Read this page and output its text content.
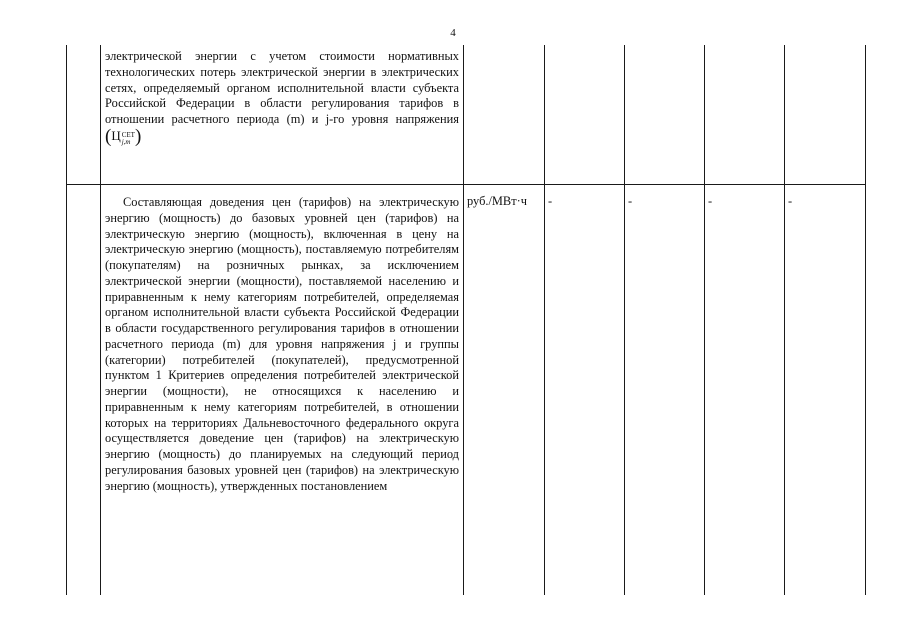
4

	электрической энергии с учетом стоимости нормативных технологических потерь электрической энергии в электрических сетях, определяемый органом исполнительной власти субъекта Российской Федерации в области регулирования тарифов в отношении расчетного периода (m) и j-го уровня напряжения (Ц СЕТ
j,m )					

	Составляющая доведения цен (тарифов) на электрическую энергию (мощность) до базовых уровней цен (тарифов) на электрическую энергию (мощность), включенная в цену на электрическую энергию (мощность), поставляемую потребителям (покупателям) на розничных рынках, за исключением электрической энергии (мощности), поставляемой населению и приравненным к нему категориям потребителей, определяемая органом исполнительной власти субъекта Российской Федерации в области государственного регулирования тарифов в отношении расчетного периода (m) для уровня напряжения j и группы (категории) потребителей (покупателей), предусмотренной пунктом 1 Критериев определения потребителей электрической энергии (мощности), не относящихся к населению и приравненным к нему категориям потребителей, в отношении которых на территориях Дальневосточного федерального округа осуществляется доведение цен (тарифов) на электрическую энергию (мощность) до планируемых на следующий период регулирования базовых уровней цен (тарифов) на электрическую энергию (мощность), утвержденных постановлением	руб./МВт·ч	-	-	-	-
